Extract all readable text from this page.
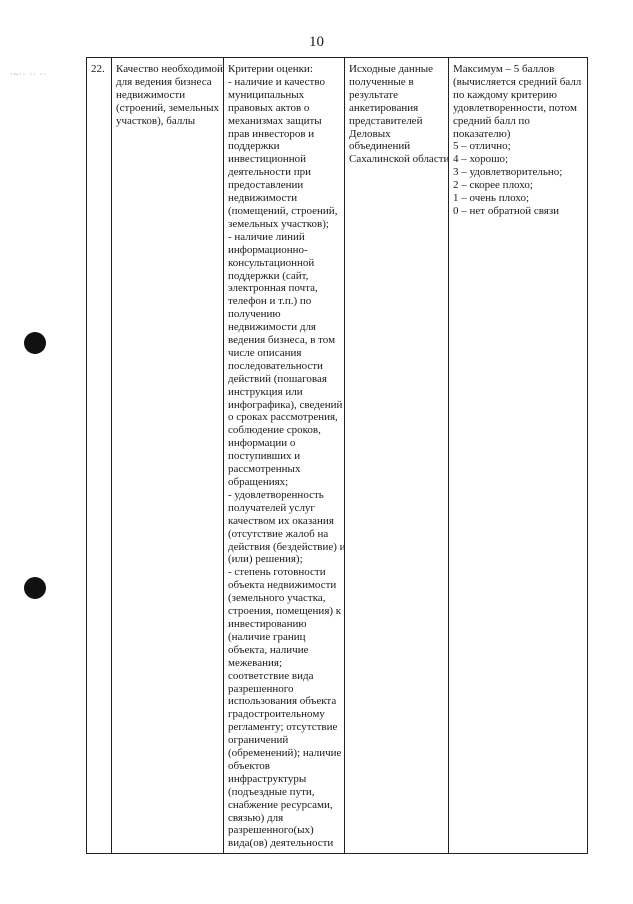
10
·~·· ·· ··	22.	Качество необходимой
для ведения бизнеса
недвижимости
(строений, земельных
участков), баллы

Критерии оценки:
- наличие и качество
муниципальных
правовых актов о
механизмах защиты
прав инвесторов и
поддержки
инвестиционной
деятельности при
предоставлении
недвижимости
(помещений, строений,
земельных участков);
- наличие линий
информационно-
консультационной
поддержки (сайт,
электронная почта,
телефон и т.п.) по
получению
недвижимости для
ведения бизнеса, в том
числе описания
последовательности
действий (пошаговая
инструкция или
инфографика), сведений
о сроках рассмотрения,
соблюдение сроков,
информации о
поступивших и
рассмотренных
обращениях;
- удовлетворенность
получателей услуг
качеством их оказания
(отсутствие жалоб на
действия (бездействие) и
(или) решения);
- степень готовности
объекта недвижимости
(земельного участка,
строения, помещения) к
инвестированию
(наличие границ
объекта, наличие
межевания;
соответствие вида
разрешенного
использования объекта
градостроительному
регламенту; отсутствие
ограничений
(обременений); наличие
объектов
инфраструктуры
(подъездные пути,
снабжение ресурсами,
связью) для
разрешенного(ых)
вида(ов) деятельности

Исходные данные
полученные в
результате
анкетирования
представителей
Деловых
объединений
Сахалинской области

Максимум – 5 баллов
(вычисляется средний балл
по каждому критерию
удовлетворенности, потом
средний балл по
показателю)
5 – отлично;
4 – хорошо;
3 – удовлетворительно;
2 – скорее плохо;
1 – очень плохо;
0 – нет обратной связи
